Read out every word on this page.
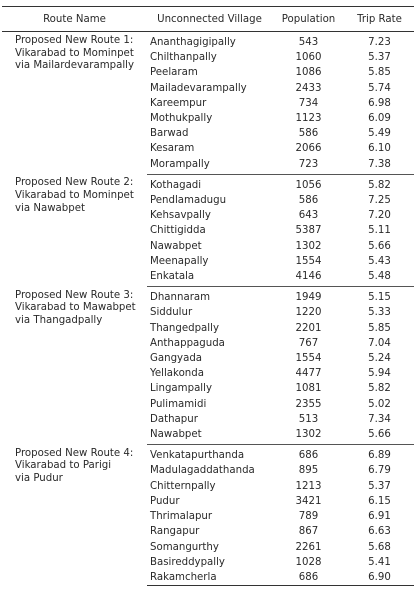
Route Name	Unconnected Village	Population	Trip Rate

Proposed New Route 1:
Vikarabad to Mominpet
via Mailardevarampally	Ananthagigipally	543	7.23
	Chilthanpally	1060	5.37
	Peelaram	1086	5.85
	Mailadevarampally	2433	5.74
	Kareempur	734	6.98
	Mothukpally	1123	6.09
	Barwad	586	5.49
	Kesaram	2066	6.10
	Morampally	723	7.38

Proposed New Route 2:
Vikarabad to Mominpet
via Nawabpet	Kothagadi	1056	5.82
	Pendlamadugu	586	7.25
	Kehsavpally	643	7.20
	Chittigidda	5387	5.11
	Nawabpet	1302	5.66
	Meenapally	1554	5.43
	Enkatala	4146	5.48

Proposed New Route 3:
Vikarabad to Mawabpet
via Thangadpally	Dhannaram	1949	5.15
	Siddulur	1220	5.33
	Thangedpally	2201	5.85
	Anthappaguda	767	7.04
	Gangyada	1554	5.24
	Yellakonda	4477	5.94
	Lingampally	1081	5.82
	Pulimamidi	2355	5.02
	Dathapur	513	7.34
	Nawabpet	1302	5.66

Proposed New Route 4:
Vikarabad to Parigi
via Pudur	Venkatapurthanda	686	6.89
	Madulagaddathanda	895	6.79
	Chitternpally	1213	5.37
	Pudur	3421	6.15
	Thrimalapur	789	6.91
	Rangapur	867	6.63
	Somangurthy	2261	5.68
	Basireddypally	1028	5.41
	Rakamcherla	686	6.90
